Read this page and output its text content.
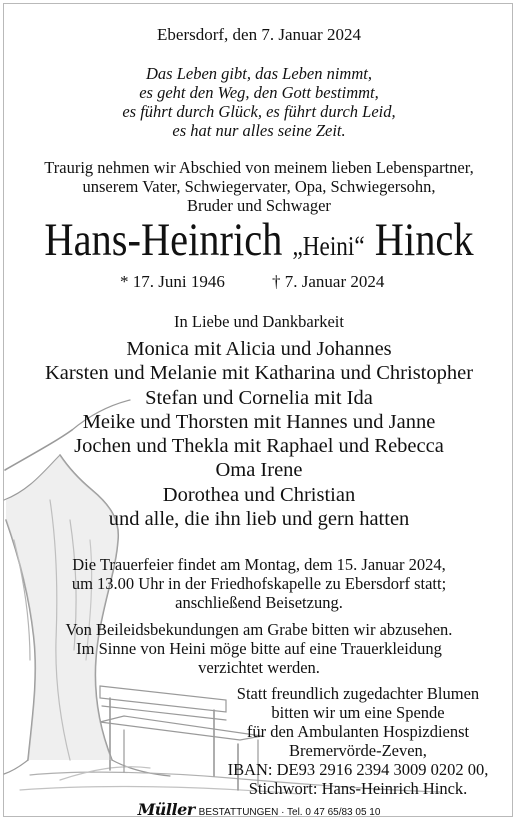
Ebersdorf, den 7. Januar 2024
Das Leben gibt, das Leben nimmt,
es geht den Weg, den Gott bestimmt,
es führt durch Glück, es führt durch Leid,
es hat nur alles seine Zeit.
Traurig nehmen wir Abschied von meinem lieben Lebenspartner,
unserem Vater, Schwiegervater, Opa, Schwiegersohn,
Bruder und Schwager
Hans-Heinrich „Heini“ Hinck
* 17. Juni 1946	† 7. Januar 2024
In Liebe und Dankbarkeit
Monica mit Alicia und Johannes
Karsten und Melanie mit Katharina und Christopher
Stefan und Cornelia mit Ida
Meike und Thorsten mit Hannes und Janne
Jochen und Thekla mit Raphael und Rebecca
Oma Irene
Dorothea und Christian
und alle, die ihn lieb und gern hatten
Die Trauerfeier findet am Montag, dem 15. Januar 2024,
um 13.00 Uhr in der Friedhofskapelle zu Ebersdorf statt;
anschließend Beisetzung.
Von Beileidsbekundungen am Grabe bitten wir abzusehen.
Im Sinne von Heini möge bitte auf eine Trauerkleidung
verzichtet werden.
Statt freundlich zugedachter Blumen
bitten wir um eine Spende
für den Ambulanten Hospizdienst
Bremervörde-Zeven,
IBAN: DE93 2916 2394 3009 0202 00,
Stichwort: Hans-Heinrich Hinck.
Müller BESTATTUNGEN · Tel. 0 47 65/83 05 10
